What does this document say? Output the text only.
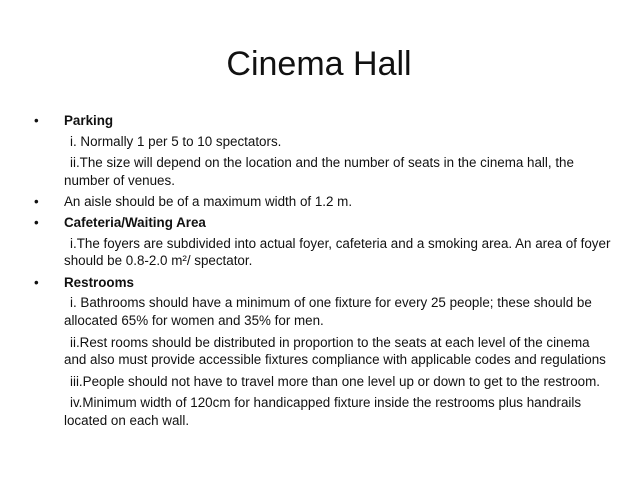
Cinema Hall
•	Parking
i. Normally 1 per 5 to 10 spectators.
ii.The size will depend on the location and the number of seats in the cinema hall, the number of venues.
•	An aisle should be of a maximum width of 1.2 m.
•	Cafeteria/Waiting Area
i.The foyers are subdivided into actual foyer, cafeteria and a smoking area. An area of foyer should be 0.8-2.0 m²/ spectator.
•	Restrooms
i. Bathrooms should have a minimum of one fixture for every 25 people; these should be allocated 65% for women and 35% for men.
ii.Rest rooms should be distributed in proportion to the seats at each level of the cinema and also must provide accessible fixtures compliance with applicable codes and regulations
iii.People should not have to travel more than one level up or down to get to the restroom.
iv.Minimum width of 120cm for handicapped fixture inside the restrooms plus handrails located on each wall.
